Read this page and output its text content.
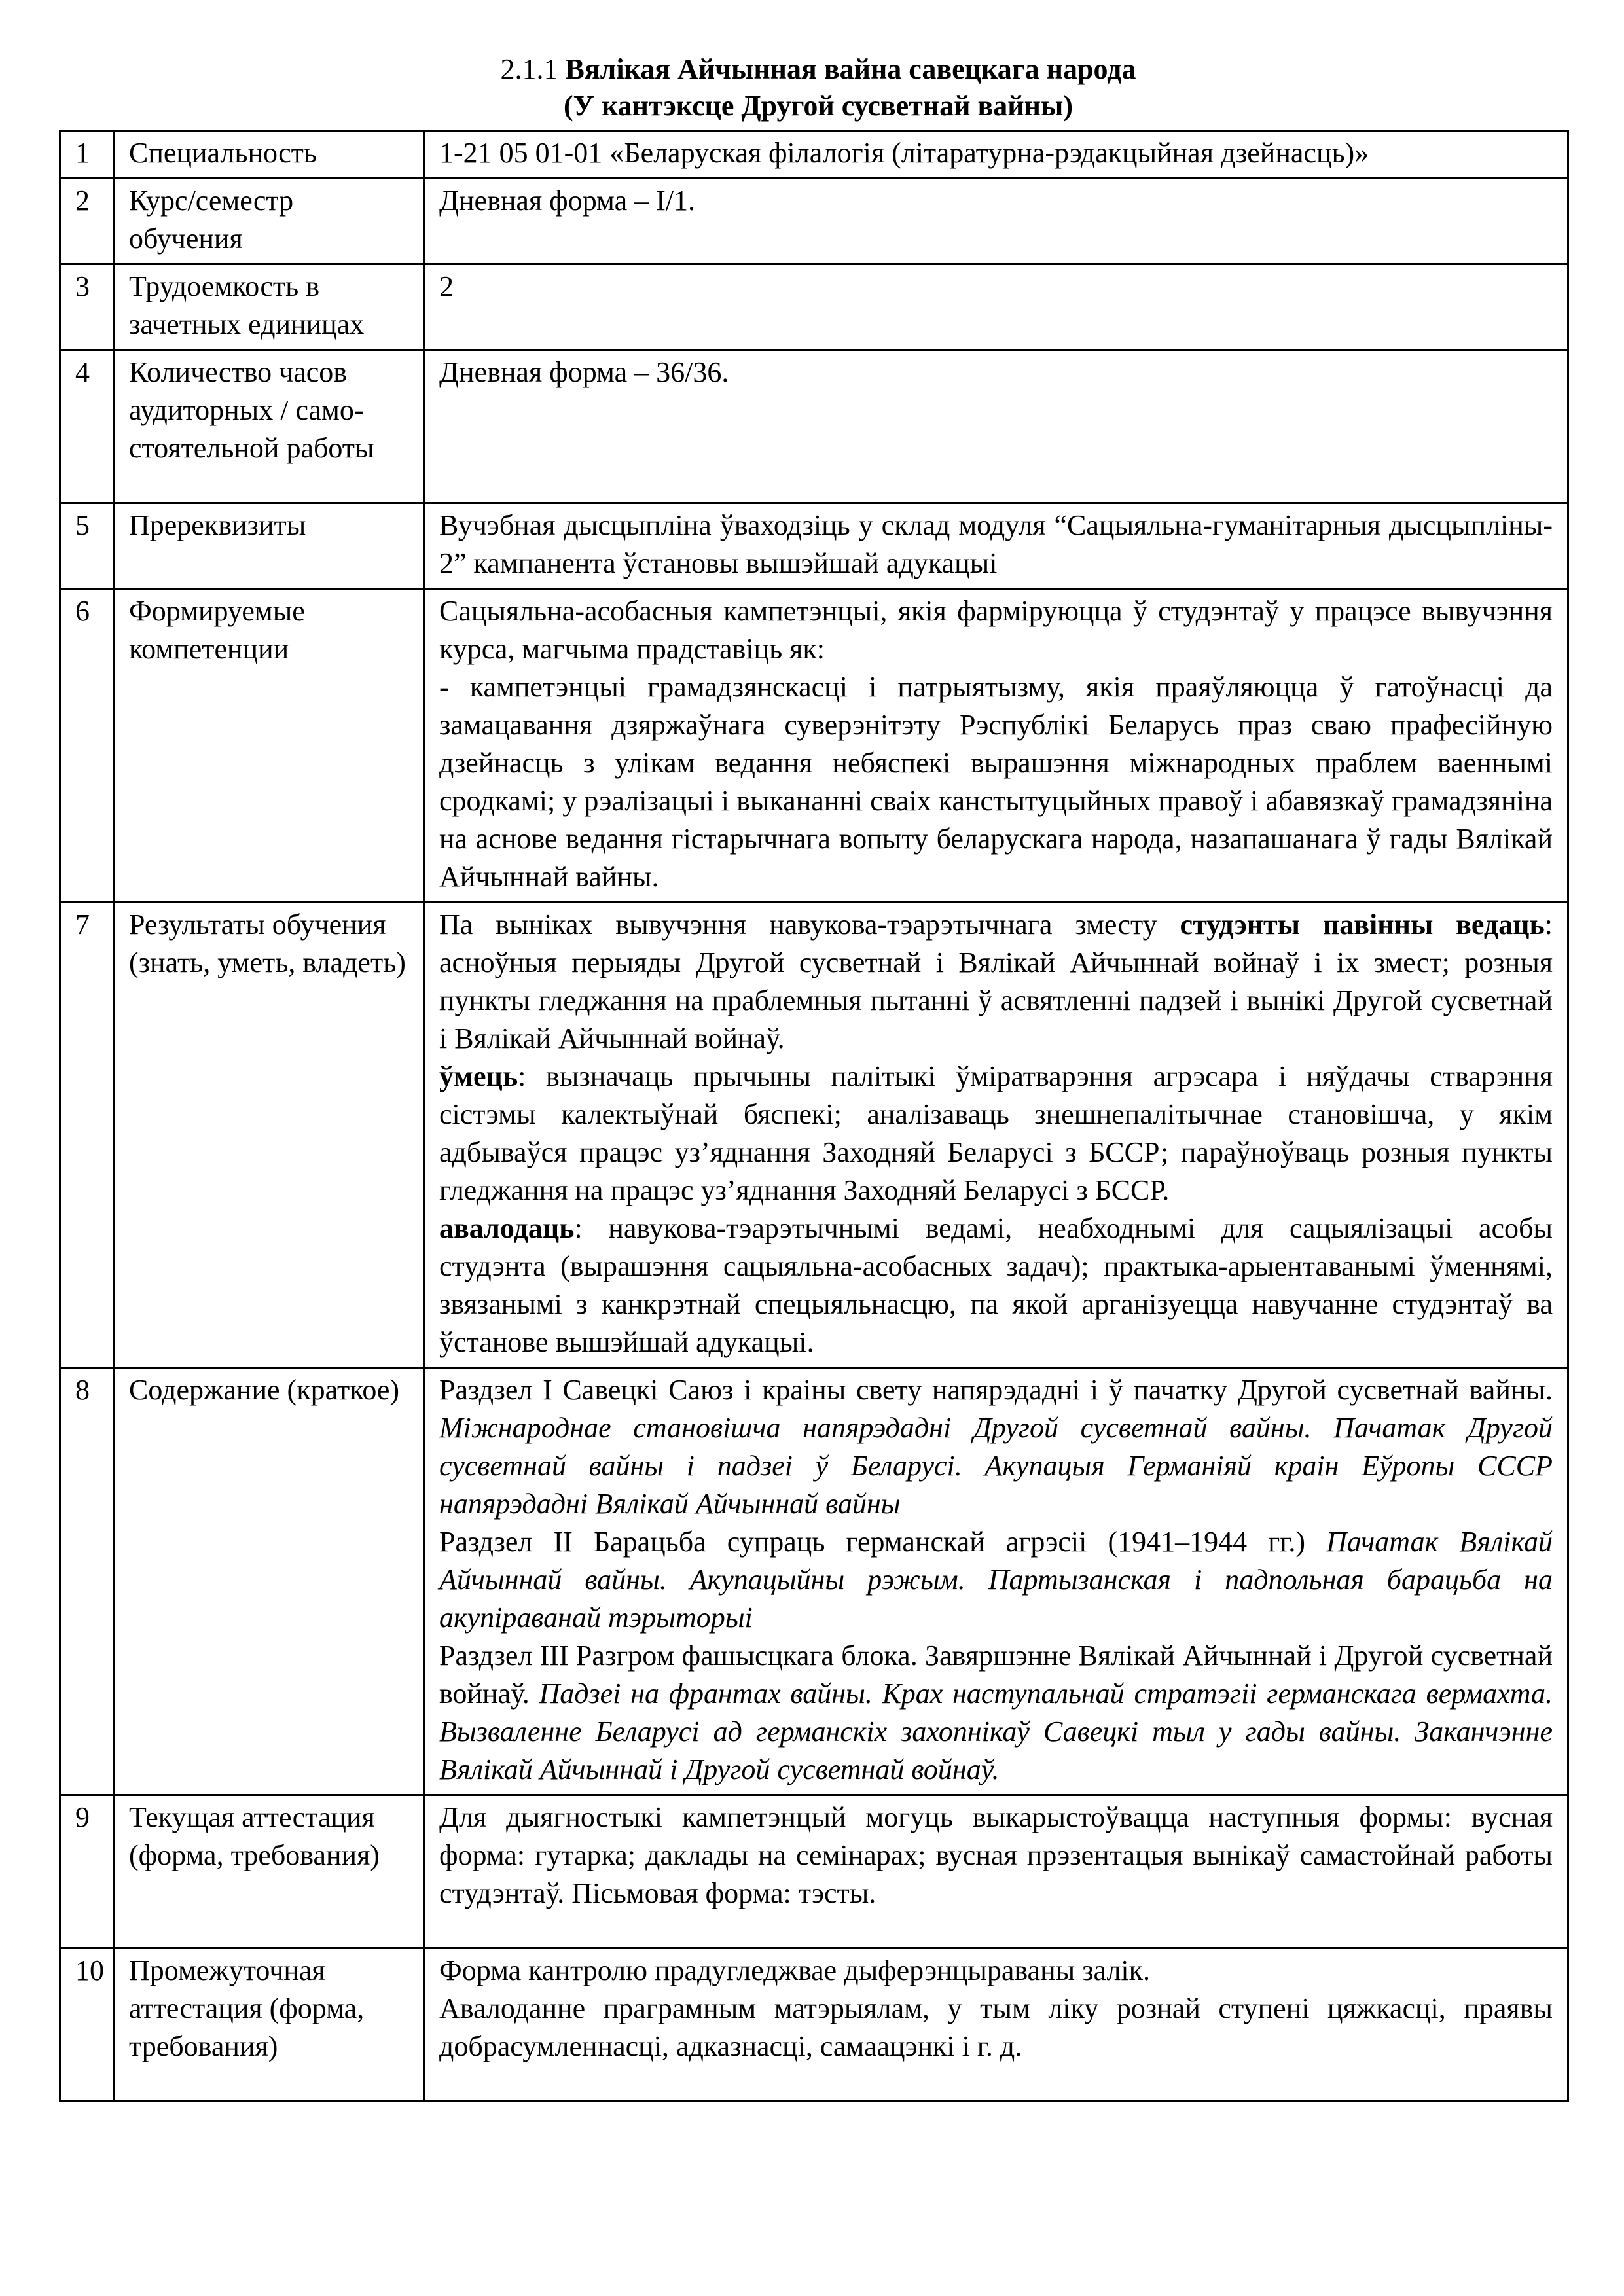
2.1.1 Вялікая Айчынная вайна савецкага народа
(У кантэксце Другой сусветнай вайны)
1	Специальность	1-21 05 01-01 «Беларуская філалогія (літаратурна-рэдакцыйная дзейнасць)»
2	Курс/семестр обучения	Дневная форма – I/1.
3	Трудоемкость в зачетных единицах	2
4	Количество часов аудиторных / само-стоятельной работы	Дневная форма – 36/36.
5	Пререквизиты	Вучэбная дысцыпліна ўваходзіць у склад модуля “Сацыяльна-гуманітарныя дысцыпліны- 2” кампанента ўстановы вышэйшай адукацыі
6	Формируемые компетенции	Сацыяльна-асобасныя кампетэнцыі, якія фарміруюцца ў студэнтаў у працэсе вывучэння курса, магчыма прадставіць як:
- кампетэнцыі грамадзянскасці і патрыятызму, якія праяўляюцца ў гатоўнасці да замацавання дзяржаўнага суверэнітэту Рэспублікі Беларусь праз сваю прафесійную дзейнасць з улікам ведання небяспекі вырашэння міжнародных праблем ваеннымі сродкамі; у рэалізацыі і выкананні сваіх канстытуцыйных правоў і абавязкаў грамадзяніна на аснове ведання гістарычнага вопыту беларускага народа, назапашанага ў гады Вялікай Айчыннай вайны.

7	Результаты обучения (знать, уметь, владеть)	Па выніках вывучэння навукова-тэарэтычнага зместу студэнты павінны ведаць: асноўныя перыяды Другой сусветнай і Вялікай Айчыннай войнаў і іх змест; розныя пункты гледжання на праблемныя пытанні ў асвятленні падзей і вынікі Другой сусветнай і Вялікай Айчыннай войнаў.
ўмець: вызначаць прычыны палітыкі ўміратварэння агрэсара і няўдачы стварэння сістэмы калектыўнай бяспекі; аналізаваць знешнепалітычнае становішча, у якім адбываўся працэс уз’яднання Заходняй Беларусі з БССР; параўноўваць розныя пункты гледжання на працэс уз’яднання Заходняй Беларусі з БССР.
авалодаць: навукова-тэарэтычнымі ведамі, неабходнымі для сацыялізацыі асобы студэнта (вырашэння сацыяльна-асобасных задач); практыка-арыентаванымі ўменнямі, звязанымі з канкрэтнай спецыяльнасцю, па якой арганізуецца навучанне студэнтаў ва ўстанове вышэйшай адукацыі.

8	Содержание (краткое)	Раздзел І Савецкі Саюз і краіны свету напярэдадні і ў пачатку Другой сусветнай вайны. Міжнароднае становішча напярэдадні Другой сусветнай вайны. Пачатак Другой сусветнай вайны і падзеі ў Беларусі. Акупацыя Германіяй краін Еўропы СССР напярэдадні Вялікай Айчыннай вайны
Раздзел ІІ Барацьба супраць германскай агрэсіі (1941–1944 гг.) Пачатак Вялікай Айчыннай вайны. Акупацыйны рэжым. Партызанская і падпольная барацьба на акупіраванай тэрыторыі
Раздзел ІІІ Разгром фашысцкага блока. Завяршэнне Вялікай Айчыннай і Другой сусветнай войнаў. Падзеі на франтах вайны. Крах наступальнай стратэгіі германскага вермахта. Вызваленне Беларусі ад германскіх захопнікаў Савецкі тыл у гады вайны. Заканчэнне Вялікай Айчыннай і Другой сусветнай войнаў.

9	Текущая аттестация (форма, требования)	Для дыягностыкі кампетэнцый могуць выкарыстоўвацца наступныя формы: вусная форма: гутарка; даклады на семінарах; вусная прэзентацыя вынікаў самастойнай работы студэнтаў. Пісьмовая форма: тэсты.
10	Промежуточная аттестация (форма, требования)	Форма кантролю прадугледжвае дыферэнцыраваны залік.
Авалоданне праграмным матэрыялам, у тым ліку рознай ступені цяжкасці, праявы добрасумленнасці, адказнасці, самаацэнкі і г. д.
